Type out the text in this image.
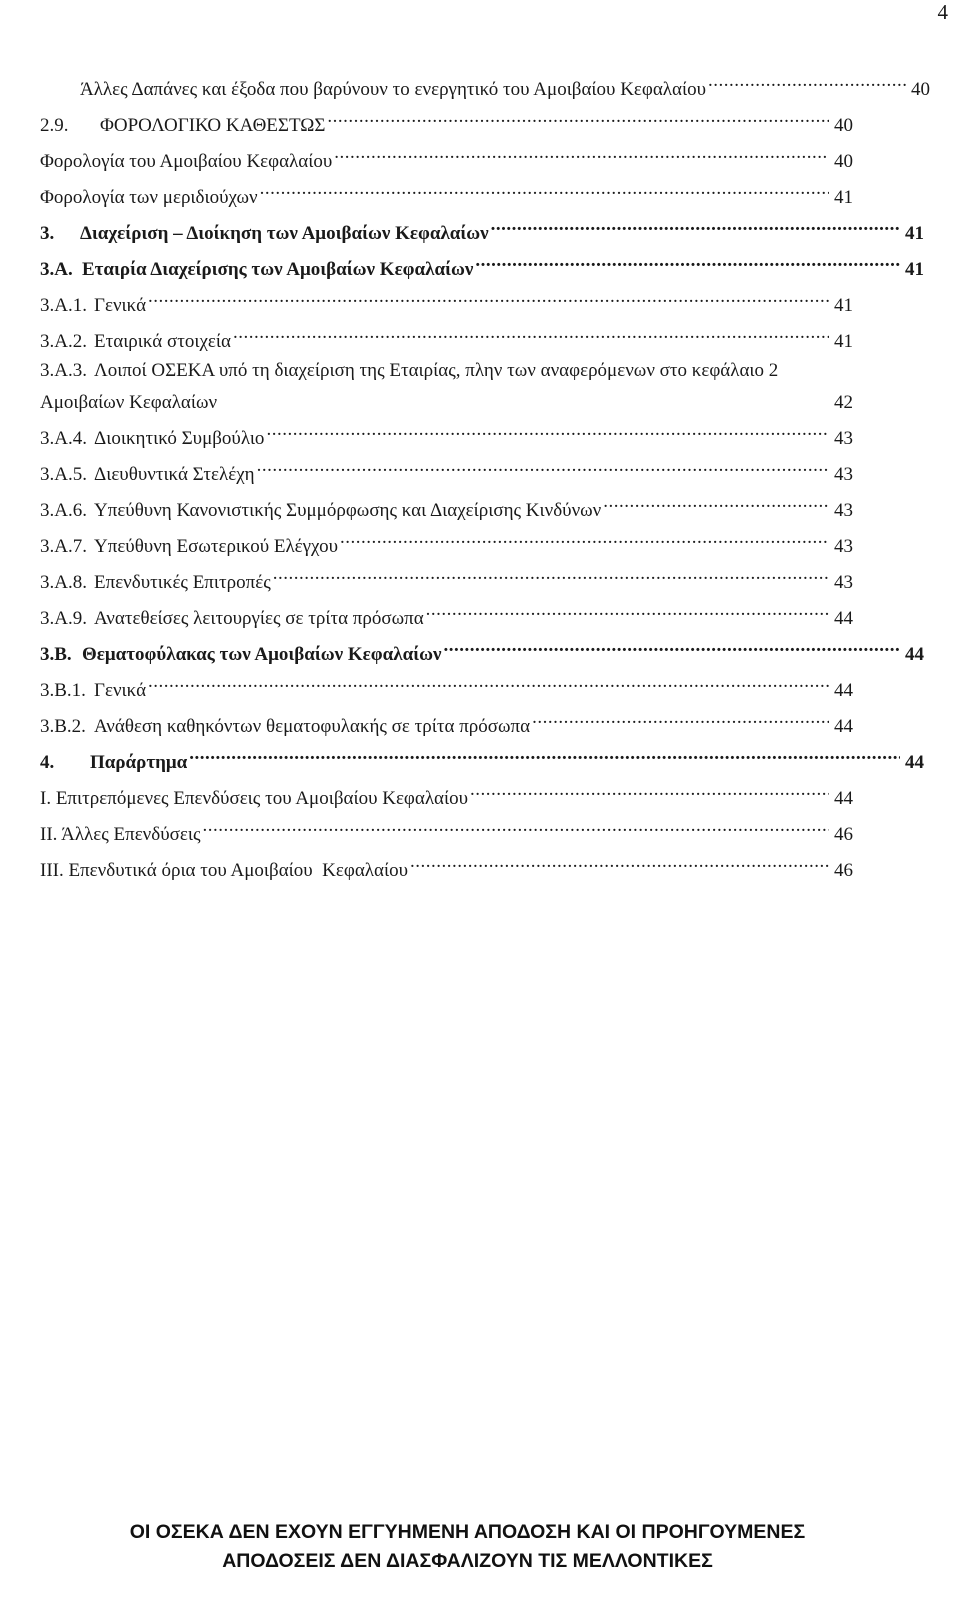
4
Άλλες Δαπάνες και έξοδα που βαρύνουν το ενεργητικό του Αμοιβαίου Κεφαλαίου .....	40
2.9.	ΦΟΡΟΛΟΓΙΚΟ ΚΑΘΕΣΤΩΣ .....	40
Φορολογία του Αμοιβαίου Κεφαλαίου .....	40
Φορολογία των μεριδιούχων .....	41
3.	Διαχείριση – Διοίκηση των Αμοιβαίων Κεφαλαίων .....	41
3.Α. Εταιρία Διαχείρισης των Αμοιβαίων Κεφαλαίων .....	41
3.Α.1. Γενικά .....	41
3.Α.2. Εταιρικά στοιχεία .....	41
3.Α.3. Λοιποί ΟΣΕΚΑ υπό τη διαχείριση της Εταιρίας, πλην των αναφερόμενων στο κεφάλαιο 2
Αμοιβαίων Κεφαλαίων	42
3.Α.4. Διοικητικό Συμβούλιο .....	43
3.Α.5. Διευθυντικά Στελέχη .....	43
3.Α.6. Υπεύθυνη Κανονιστικής Συμμόρφωσης και Διαχείρισης Κινδύνων .....	43
3.Α.7. Υπεύθυνη Εσωτερικού Ελέγχου .....	43
3.Α.8. Επενδυτικές Επιτροπές .....	43
3.Α.9. Ανατεθείσες λειτουργίες σε τρίτα πρόσωπα .....	44
3.Β. Θεματοφύλακας των Αμοιβαίων Κεφαλαίων .....	44
3.Β.1. Γενικά .....	44
3.Β.2. Ανάθεση καθηκόντων θεματοφυλακής σε τρίτα πρόσωπα .....	44
4.	Παράρτημα .....	44
Ι. Επιτρεπόμενες Επενδύσεις του Αμοιβαίου Κεφαλαίου .....	44
ΙΙ. Άλλες Επενδύσεις .....	46
ΙΙΙ. Επενδυτικά όρια του Αμοιβαίου  Κεφαλαίου .....	46
ΟΙ ΟΣΕΚΑ ΔΕΝ ΕΧΟΥΝ ΕΓΓΥΗΜΕΝΗ ΑΠΟΔΟΣΗ ΚΑΙ ΟΙ ΠΡΟΗΓΟΥΜΕΝΕΣ
ΑΠΟΔΟΣΕΙΣ ΔΕΝ ΔΙΑΣΦΑΛΙΖΟΥΝ ΤΙΣ ΜΕΛΛΟΝΤΙΚΕΣ
